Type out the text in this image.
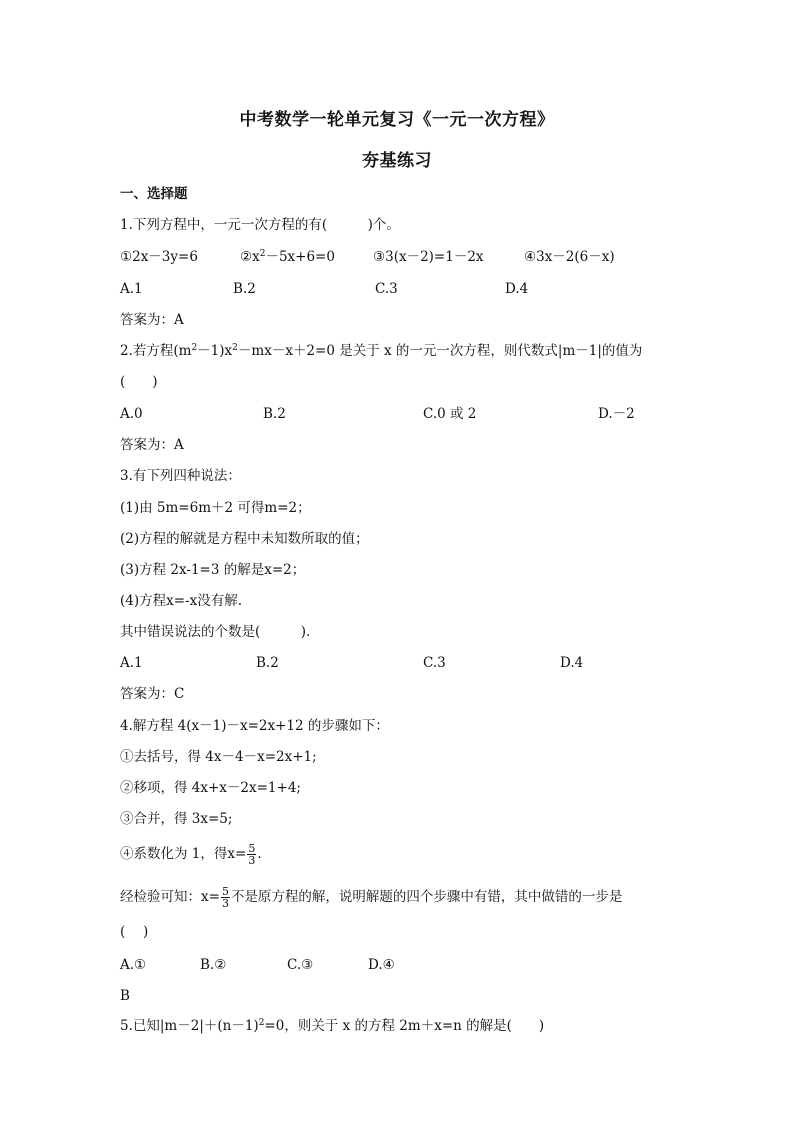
中考数学一轮单元复习《一元一次方程》
夯基练习
一、选择题
1.下列方程中，一元一次方程的有(　　　)个。
①2x－3y=6	$②x^2-5x+6=0$	③3(x－2)=1－2x	④3x－2(6－x)
A.1	B.2	C.3	D.4
答案为：A
2.若方程$(m^2-1)x^2-mx-x+2=0$ 是关于 x 的一元一次方程，则代数式|m－1|的值为
(　　)
A.0	B.2	C.0 或 2	D.－2
答案为：A
3.有下列四种说法：
(1)由 5m=6m＋2 可得m=2；
(2)方程的解就是方程中未知数所取的值；
(3)方程 2x-1=3 的解是x=2；
(4)方程x=-x没有解.
其中错误说法的个数是(　　　).
A.1	B.2	C.3	D.4
答案为：C
4.解方程 4(x－1)－x=2x+12 的步骤如下：
①去括号，得 4x－4－x=2x+1;
②移项，得 4x+x－2x=1+4;
③合并，得 3x=5;
④系数化为 1，得$x= \frac{5}{3}$ .
经检验可知：$x= \frac{5}{3}$ 不是原方程的解，说明解题的四个步骤中有错，其中做错的一步是
(　 )
A.①	B.②	C.③	D.④
B
5.已知$|m-2|+(n-1)^2=0$，则关于 x 的方程 2m＋x=n 的解是(　　)
